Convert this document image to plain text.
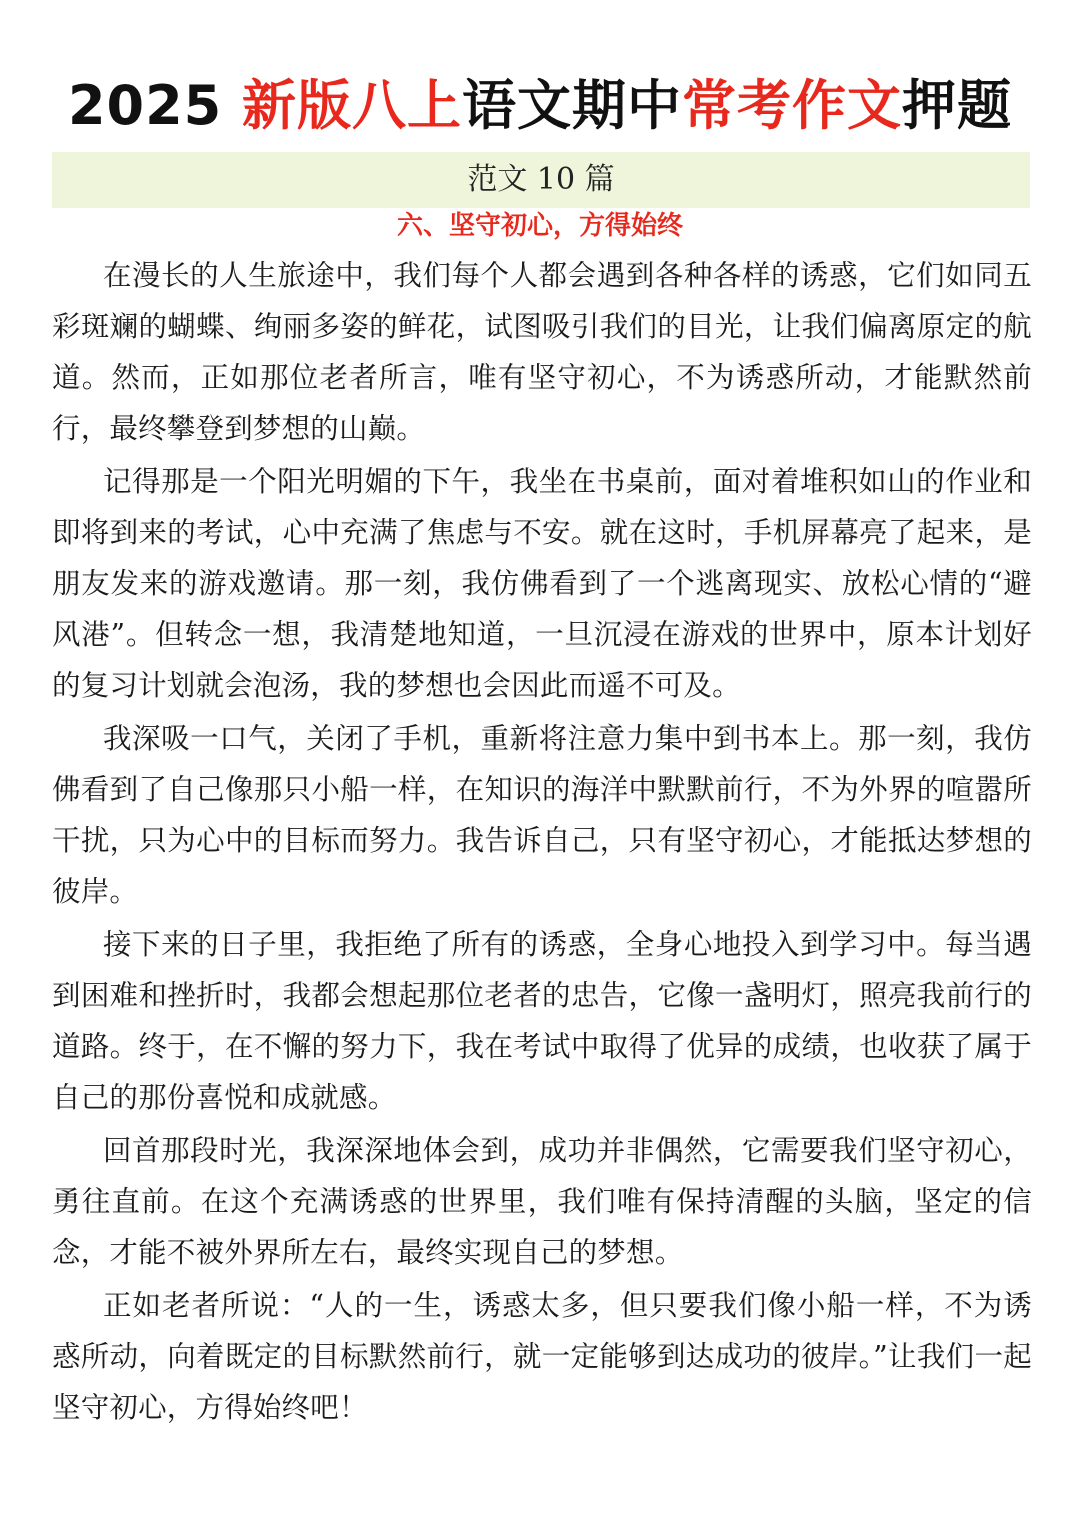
2025 新版八上语文期中常考作文押题
范文 10 篇
六、坚守初心，方得始终

在漫长的人生旅途中，我们每个人都会遇到各种各样的诱惑，它们如同五彩斑斓的蝴蝶、绚丽多姿的鲜花，试图吸引我们的目光，让我们偏离原定的航道。然而，正如那位老者所言，唯有坚守初心，不为诱惑所动，才能默然前行，最终攀登到梦想的山巅。

记得那是一个阳光明媚的下午，我坐在书桌前，面对着堆积如山的作业和即将到来的考试，心中充满了焦虑与不安。就在这时，手机屏幕亮了起来，是朋友发来的游戏邀请。那一刻，我仿佛看到了一个逃离现实、放松心情的“避风港”。但转念一想，我清楚地知道，一旦沉浸在游戏的世界中，原本计划好的复习计划就会泡汤，我的梦想也会因此而遥不可及。

我深吸一口气，关闭了手机，重新将注意力集中到书本上。那一刻，我仿佛看到了自己像那只小船一样，在知识的海洋中默默前行，不为外界的喧嚣所干扰，只为心中的目标而努力。我告诉自己，只有坚守初心，才能抵达梦想的彼岸。

接下来的日子里，我拒绝了所有的诱惑，全身心地投入到学习中。每当遇到困难和挫折时，我都会想起那位老者的忠告，它像一盏明灯，照亮我前行的道路。终于，在不懈的努力下，我在考试中取得了优异的成绩，也收获了属于自己的那份喜悦和成就感。

回首那段时光，我深深地体会到，成功并非偶然，它需要我们坚守初心，勇往直前。在这个充满诱惑的世界里，我们唯有保持清醒的头脑，坚定的信念，才能不被外界所左右，最终实现自己的梦想。

正如老者所说：“人的一生，诱惑太多，但只要我们像小船一样，不为诱惑所动，向着既定的目标默然前行，就一定能够到达成功的彼岸。”让我们一起坚守初心，方得始终吧！
